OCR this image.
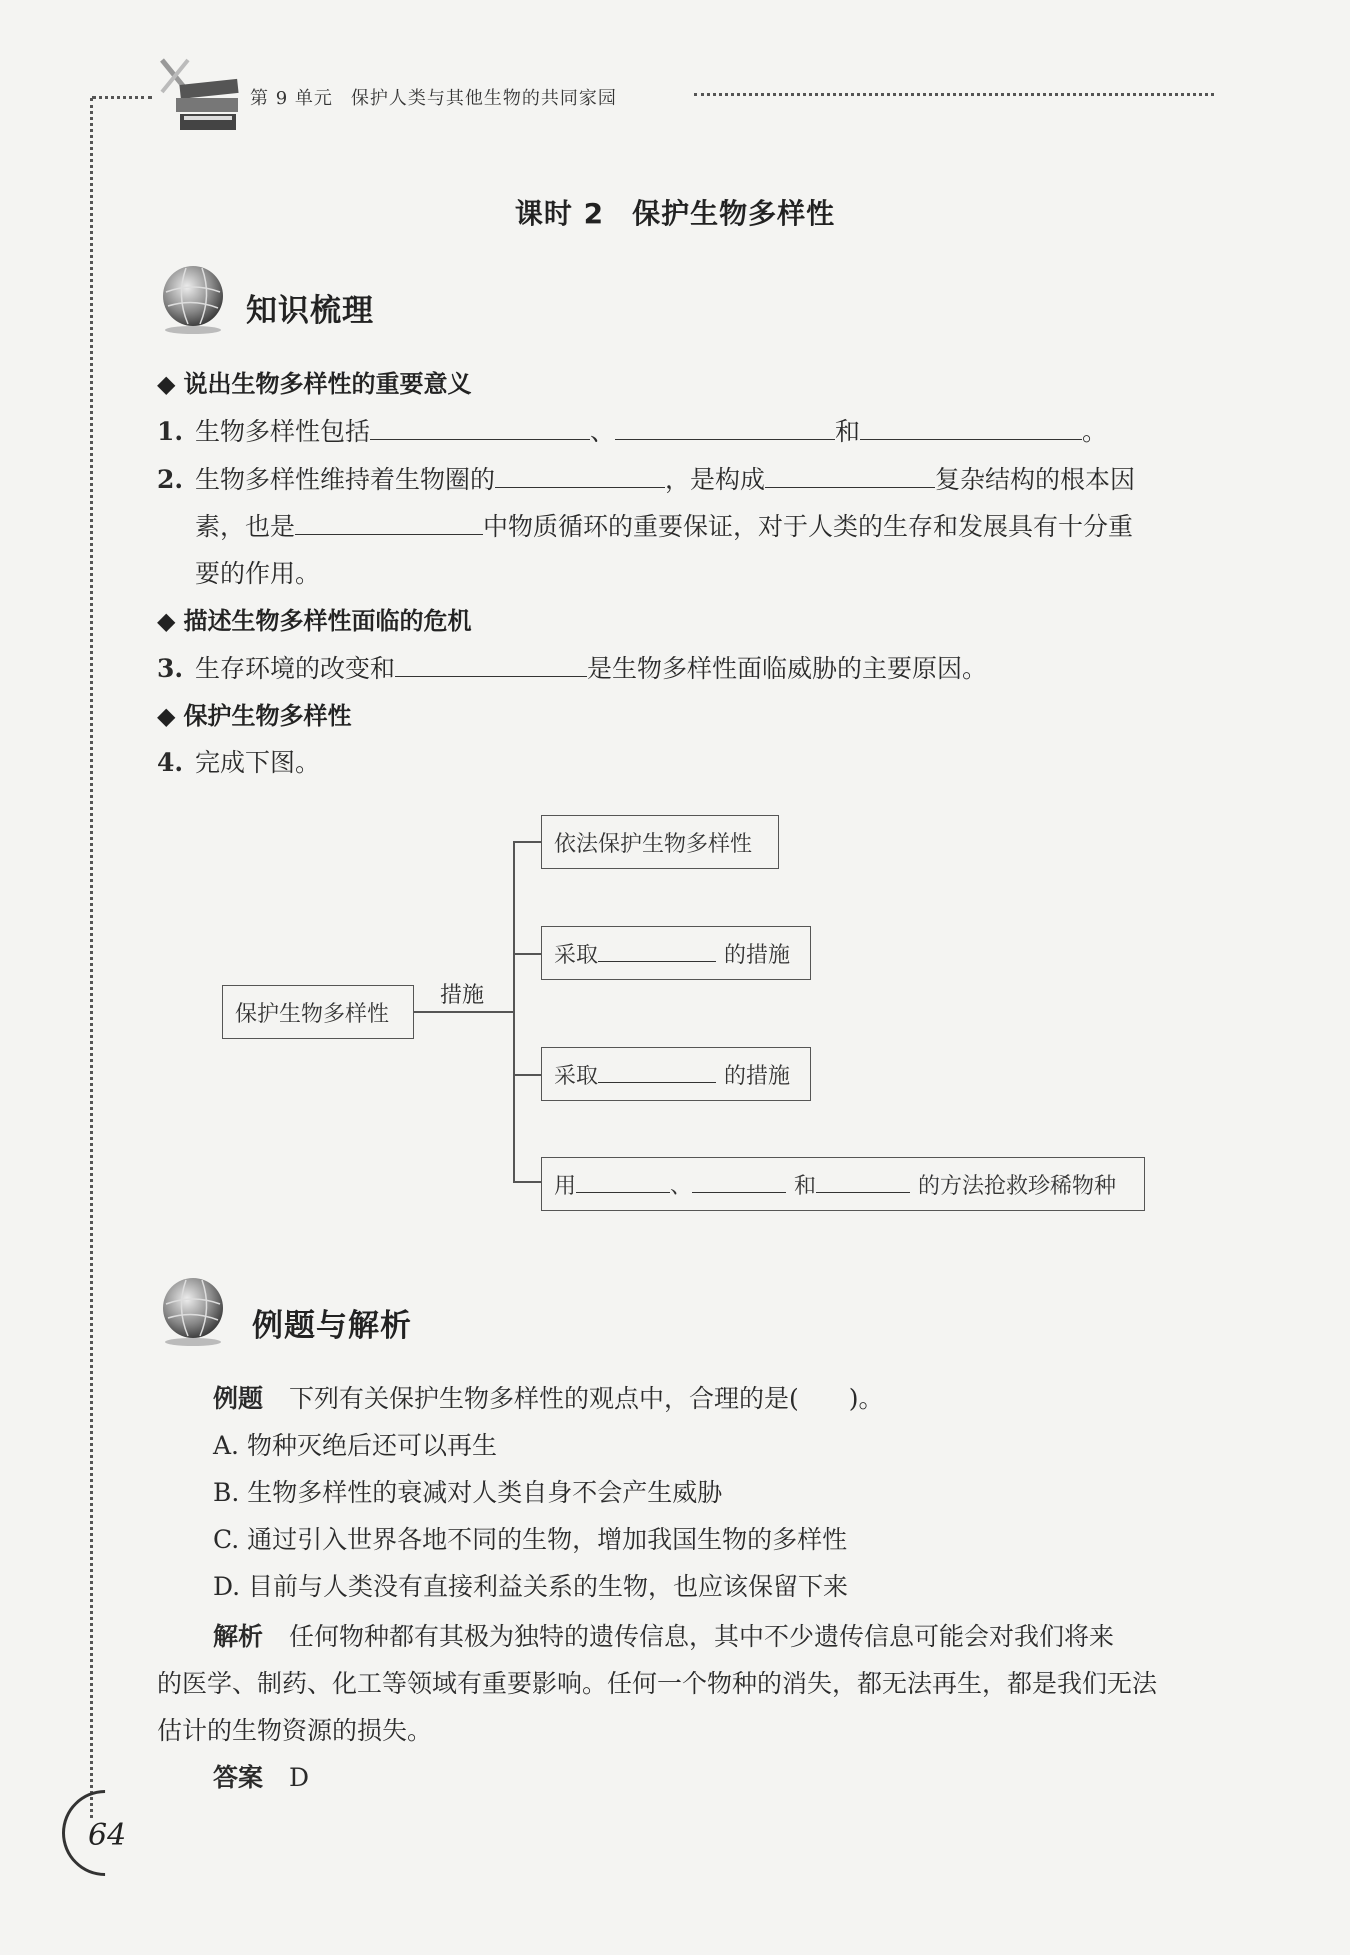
第 9 单元 保护人类与其他生物的共同家园
课时 2 保护生物多样性
知识梳理
◆ 说出生物多样性的重要意义
1. 生物多样性包括	、	和	。
2. 生物多样性维持着生物圈的	，是构成	复杂结构的根本因
素，也是	中物质循环的重要保证，对于人类的生存和发展具有十分重
要的作用。
◆ 描述生物多样性面临的危机
3. 生存环境的改变和	是生物多样性面临威胁的主要原因。
◆ 保护生物多样性
4. 完成下图。
保护生物多样性
措施
依法保护生物多样性
采取	的措施
采取	的措施
用	、	和	的方法抢救珍稀物种
例题与解析
例题 下列有关保护生物多样性的观点中，合理的是(　　)。
A. 物种灭绝后还可以再生
B. 生物多样性的衰减对人类自身不会产生威胁
C. 通过引入世界各地不同的生物，增加我国生物的多样性
D. 目前与人类没有直接利益关系的生物，也应该保留下来
解析 任何物种都有其极为独特的遗传信息，其中不少遗传信息可能会对我们将来
的医学、制药、化工等领域有重要影响。任何一个物种的消失，都无法再生，都是我们无法
估计的生物资源的损失。
答案 D
64
